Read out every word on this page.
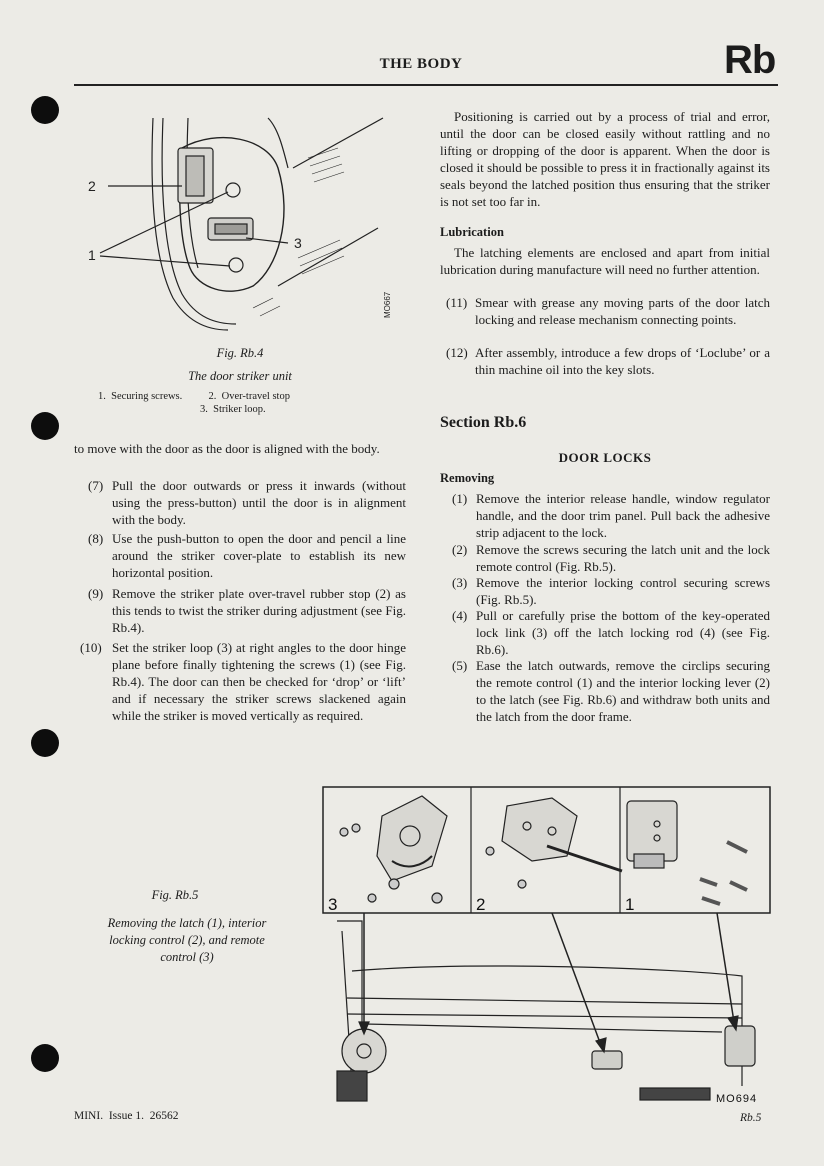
THE BODY	Rb
2
1
3
MO667
Fig. Rb.4
The door striker unit
1.  Securing screws.          2.  Over-travel stop
3.  Striker loop.
to move with the door as the door is aligned with the body.
(7) Pull the door outwards or press it inwards (without using the press-button) until the door is in alignment with the body.
(8) Use the push-button to open the door and pencil a line around the striker cover-plate to establish its new horizontal position.
(9) Remove the striker plate over-travel rubber stop (2) as this tends to twist the striker during adjustment (see Fig. Rb.4).
(10) Set the striker loop (3) at right angles to the door hinge plane before finally tightening the screws (1) (see Fig. Rb.4). The door can then be checked for ‘drop’ or ‘lift’ and if necessary the striker screws slackened again while the striker is moved vertically as required.
Positioning is carried out by a process of trial and error, until the door can be closed easily without rattling and no lifting or dropping of the door is apparent. When the door is closed it should be possible to press it in fractionally against its seals beyond the latched position thus ensuring that the striker is not set too far in.
Lubrication
The latching elements are enclosed and apart from initial lubrication during manufacture will need no further attention.
(11) Smear with grease any moving parts of the door latch locking and release mechanism connecting points.
(12) After assembly, introduce a few drops of ‘Loclube’ or a thin machine oil into the key slots.
Section Rb.6
DOOR LOCKS
Removing
(1) Remove the interior release handle, window regulator handle, and the door trim panel. Pull back the adhesive strip adjacent to the lock.
(2) Remove the screws securing the latch unit and the lock remote control (Fig. Rb.5).
(3) Remove the interior locking control securing screws (Fig. Rb.5).
(4) Pull or carefully prise the bottom of the key-operated lock link (3) off the latch locking rod (4) (see Fig. Rb.6).
(5) Ease the latch outwards, remove the circlips securing the remote control (1) and the interior locking lever (2) to the latch (see Fig. Rb.6) and withdraw both units and the latch from the door frame.
Fig. Rb.5
Removing the latch (1), interior locking control (2), and remote control (3)
3	2	1
MO694
MINI.  Issue 1.  26562	Rb.5
